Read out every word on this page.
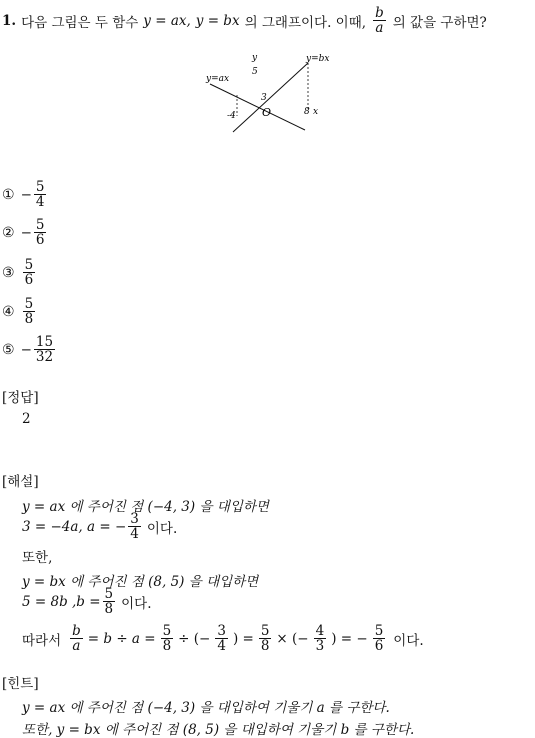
1. 다음 그림은 두 함수 y = ax, y = bx 의 그래프이다. 이때, $\frac{b}{a}$ 의 값을 구하면?
y
5
y=ax
y=bx
3
-4 O	8 x
① − $\frac{5}{4}$
② − $\frac{5}{6}$
③ $\frac{5}{6}$
④ $\frac{5}{8}$
⑤ − $\frac{15}{32}$
[정답]
2
[해설]
y = ax 에 주어진 점 (−4, 3) 을 대입하면
3 = −4a, a = − $\frac{3}{4}$ 이다.
또한,
y = bx 에 주어진 점 (8, 5) 을 대입하면
5 = 8b $,b = \frac{5}{8}$ 이다.
따라서 $\frac{b}{a} = b \div a = \frac{5}{8}$ ÷ (− $\frac{3}{4}$ ) = $\frac{5}{8}$ × (− $\frac{4}{3}$ ) = − $\frac{5}{6}$ 이다.
[힌트]
y = ax 에 주어진 점 (−4, 3) 을 대입하여 기울기 a 를 구한다.
또한, y = bx 에 주어진 점 (8, 5) 을 대입하여 기울기 b 를 구한다.
